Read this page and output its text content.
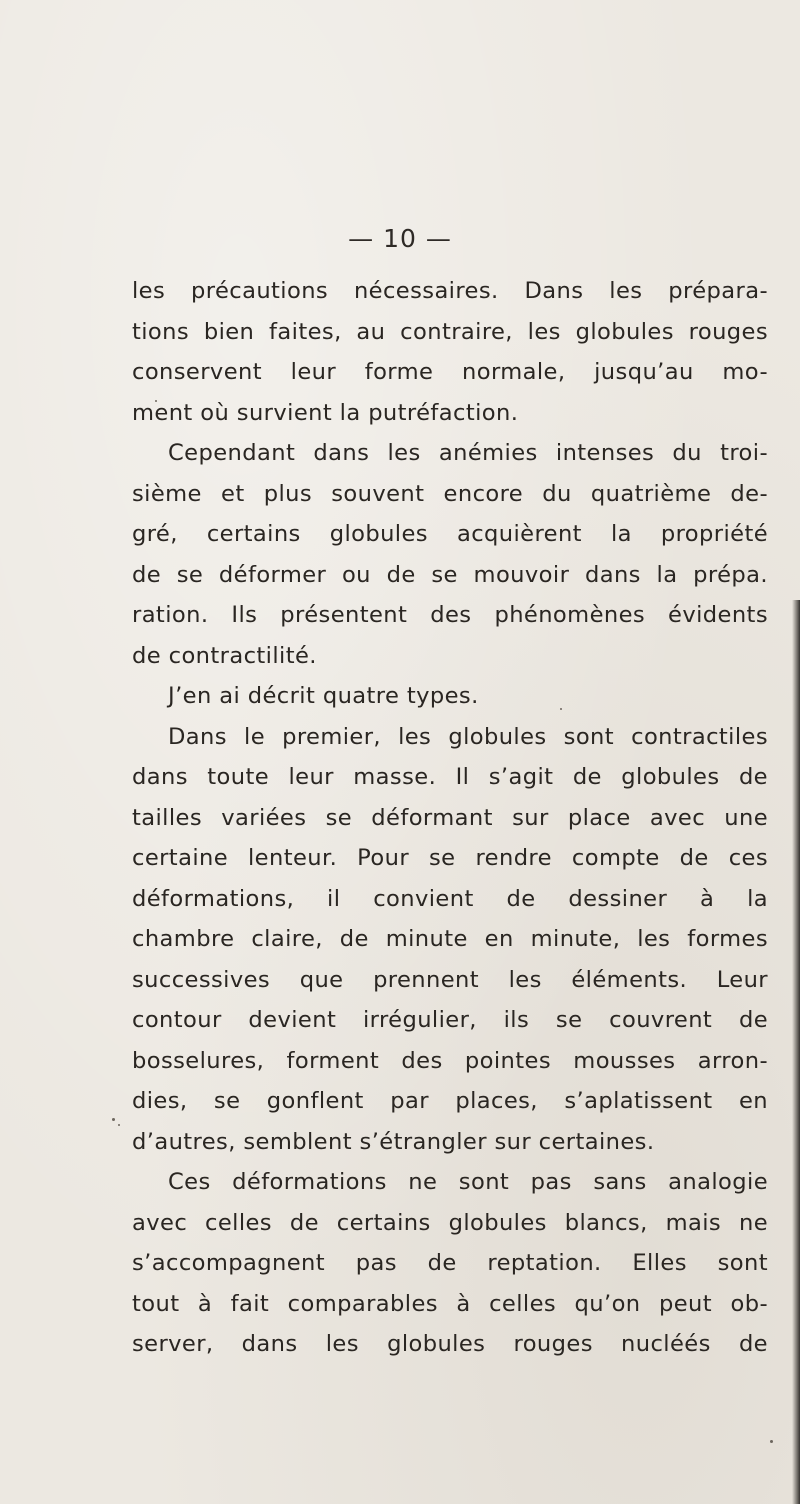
— 10 —
les précautions nécessaires. Dans les prépara-
tions bien faites, au contraire, les globules rouges
conservent leur forme normale, jusqu’au mo-
ment où survient la putréfaction.
Cependant dans les anémies intenses du troi-
sième et plus souvent encore du quatrième de-
gré, certains globules acquièrent la propriété
de se déformer ou de se mouvoir dans la prépa.
ration. Ils présentent des phénomènes évidents
de contractilité.
J’en ai décrit quatre types.
Dans le premier, les globules sont contractiles
dans toute leur masse. Il s’agit de globules de
tailles variées se déformant sur place avec une
certaine lenteur. Pour se rendre compte de ces
déformations, il convient de dessiner à la
chambre claire, de minute en minute, les formes
successives que prennent les éléments. Leur
contour devient irrégulier, ils se couvrent de
bosselures, forment des pointes mousses arron-
dies, se gonflent par places, s’aplatissent en
d’autres, semblent s’étrangler sur certaines.
Ces déformations ne sont pas sans analogie
avec celles de certains globules blancs, mais ne
s’accompagnent pas de reptation. Elles sont
tout à fait comparables à celles qu’on peut ob-
server, dans les globules rouges nucléés de
